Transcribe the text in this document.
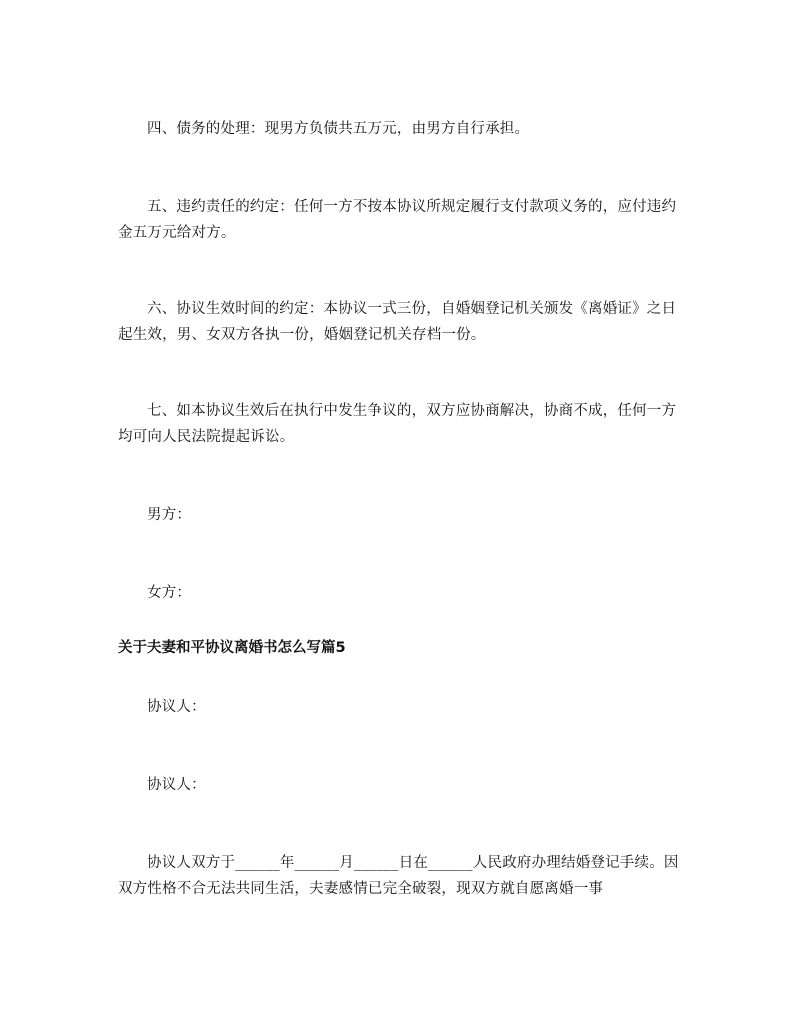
四、债务的处理：现男方负债共五万元，由男方自行承担。

五、违约责任的约定：任何一方不按本协议所规定履行支付款项义务的，应付违约金五万元给对方。

六、协议生效时间的约定：本协议一式三份，自婚姻登记机关颁发《离婚证》之日起生效，男、女双方各执一份，婚姻登记机关存档一份。

七、如本协议生效后在执行中发生争议的，双方应协商解决，协商不成，任何一方均可向人民法院提起诉讼。

男方：

女方：

关于夫妻和平协议离婚书怎么写篇5

协议人：

协议人：

协议人双方于______年______月______日在______人民政府办理结婚登记手续。因双方性格不合无法共同生活，夫妻感情已完全破裂，现双方就自愿离婚一事
